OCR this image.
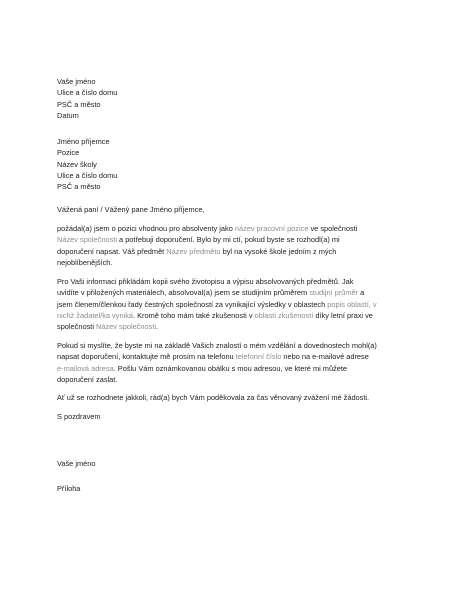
Vaše jméno
Ulice a číslo domu
PSČ a město
Datum
Jméno příjemce
Pozice
Název školy
Ulice a číslo domu
PSČ a město
Vážená paní / Vážený pane Jméno příjemce,
požádal(a) jsem o pozici vhodnou pro absolventy jako název pracovní pozice ve společnosti
Název společnosti a potřebuji doporučení. Bylo by mi ctí, pokud byste se rozhodl(a) mi
doporučení napsat. Váš předmět Název předmětu byl na vysoké škole jedním z mých
nejoblíbenějších.
Pro Vaši informaci přikládám kopii svého životopisu a výpisu absolvovaných předmětů. Jak
uvidíte v přiložených materiálech, absolvoval(a) jsem se studijním průměrem studijní průměr a
jsem členem/členkou řady čestných společností za vynikající výsledky v oblastech popis oblastí, v
nichž žadatel/ka vyniká. Kromě toho mám také zkušenosti v oblasti zkušeností díky letní praxi ve
společnosti Název společnosti.
Pokud si myslíte, že byste mi na základě Vašich znalostí o mém vzdělání a dovednostech mohl(a)
napsat doporučení, kontaktujte mě prosím na telefonu telefonní číslo nebo na e-mailové adrese
e-mailová adresa. Pošlu Vám oznámkovanou obálku s mou adresou, ve které mi můžete
doporučení zaslat.
Ať už se rozhodnete jakkoli, rád(a) bych Vám poděkovala za čas věnovaný zvážení mé žádosti.
S pozdravem
Vaše jméno
Příloha
